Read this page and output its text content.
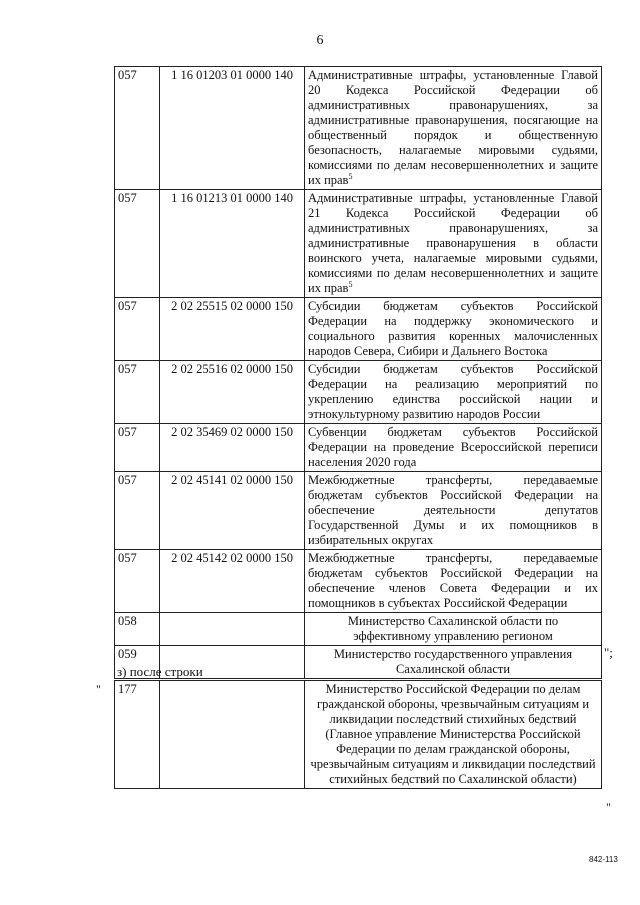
6
057	1 16 01203 01 0000 140	Административные штрафы, установленные Главой 20 Кодекса Российской Федерации об административных правонарушениях, за административные правонарушения, посягающие на общественный порядок и общественную безопасность, налагаемые мировыми судьями, комиссиями по делам несовершеннолетних и защите их прав$^5$
057	1 16 01213 01 0000 140	Административные штрафы, установленные Главой 21 Кодекса Российской Федерации об административных правонарушениях, за административные правонарушения в области воинского учета, налагаемые мировыми судьями, комиссиями по делам несовершеннолетних и защите их прав$^5$
057	2 02 25515 02 0000 150	Субсидии бюджетам субъектов Российской Федерации на поддержку экономического и социального развития коренных малочисленных народов Севера, Сибири и Дальнего Востока
057	2 02 25516 02 0000 150	Субсидии бюджетам субъектов Российской Федерации на реализацию мероприятий по укреплению единства российской нации и этнокультурному развитию народов России
057	2 02 35469 02 0000 150	Субвенции бюджетам субъектов Российской Федерации на проведение Всероссийской переписи населения 2020 года
057	2 02 45141 02 0000 150	Межбюджетные трансферты, передаваемые бюджетам субъектов Российской Федерации на обеспечение деятельности депутатов Государственной Думы и их помощников в избирательных округах
057	2 02 45142 02 0000 150	Межбюджетные трансферты, передаваемые бюджетам субъектов Российской Федерации на обеспечение членов Совета Федерации и их помощников в субъектах Российской Федерации
058		Министерство Сахалинской области по эффективному управлению регионом
059		Министерство государственного управления Сахалинской области
";
з) после строки
" 177		Министерство Российской Федерации по делам гражданской обороны, чрезвычайным ситуациям и ликвидации последствий стихийных бедствий (Главное управление Министерства Российской Федерации по делам гражданской обороны, чрезвычайным ситуациям и ликвидации последствий стихийных бедствий по Сахалинской области)
"
842-113
